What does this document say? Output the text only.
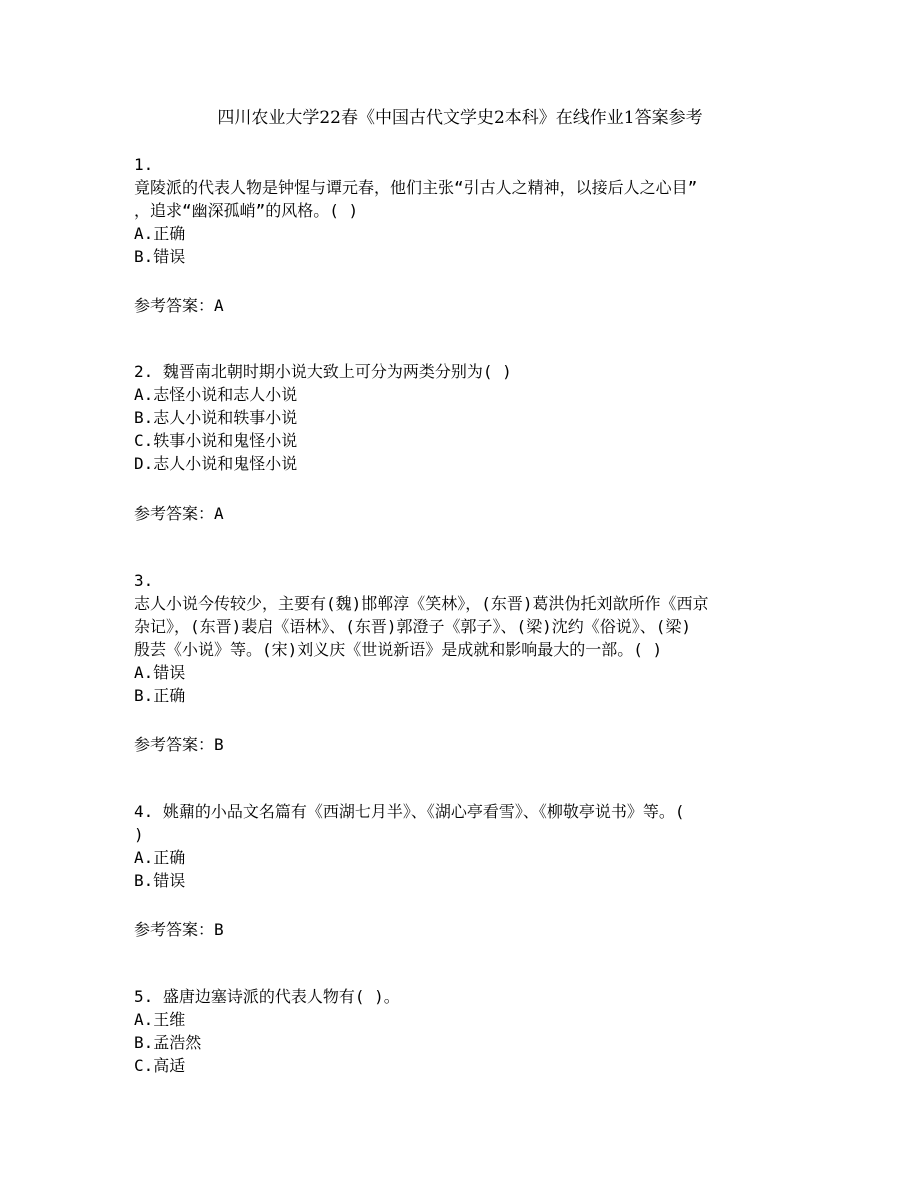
四川农业大学22春《中国古代文学史2本科》在线作业1答案参考
1.
竟陵派的代表人物是钟惺与谭元春，他们主张“引古人之精神，以接后人之心目”
，追求“幽深孤峭”的风格。( )
A.正确
B.错误
参考答案：A
2. 魏晋南北朝时期小说大致上可分为两类分别为( )
A.志怪小说和志人小说
B.志人小说和轶事小说
C.轶事小说和鬼怪小说
D.志人小说和鬼怪小说
参考答案：A
3.
志人小说今传较少，主要有(魏)邯郸淳《笑林》，(东晋)葛洪伪托刘歆所作《西京
杂记》，(东晋)裴启《语林》、(东晋)郭澄子《郭子》、(梁)沈约《俗说》、(梁)
殷芸《小说》等。(宋)刘义庆《世说新语》是成就和影响最大的一部。( )
A.错误
B.正确
参考答案：B
4. 姚鼐的小品文名篇有《西湖七月半》、《湖心亭看雪》、《柳敬亭说书》等。(
)
A.正确
B.错误
参考答案：B
5. 盛唐边塞诗派的代表人物有( )。
A.王维
B.孟浩然
C.高适
